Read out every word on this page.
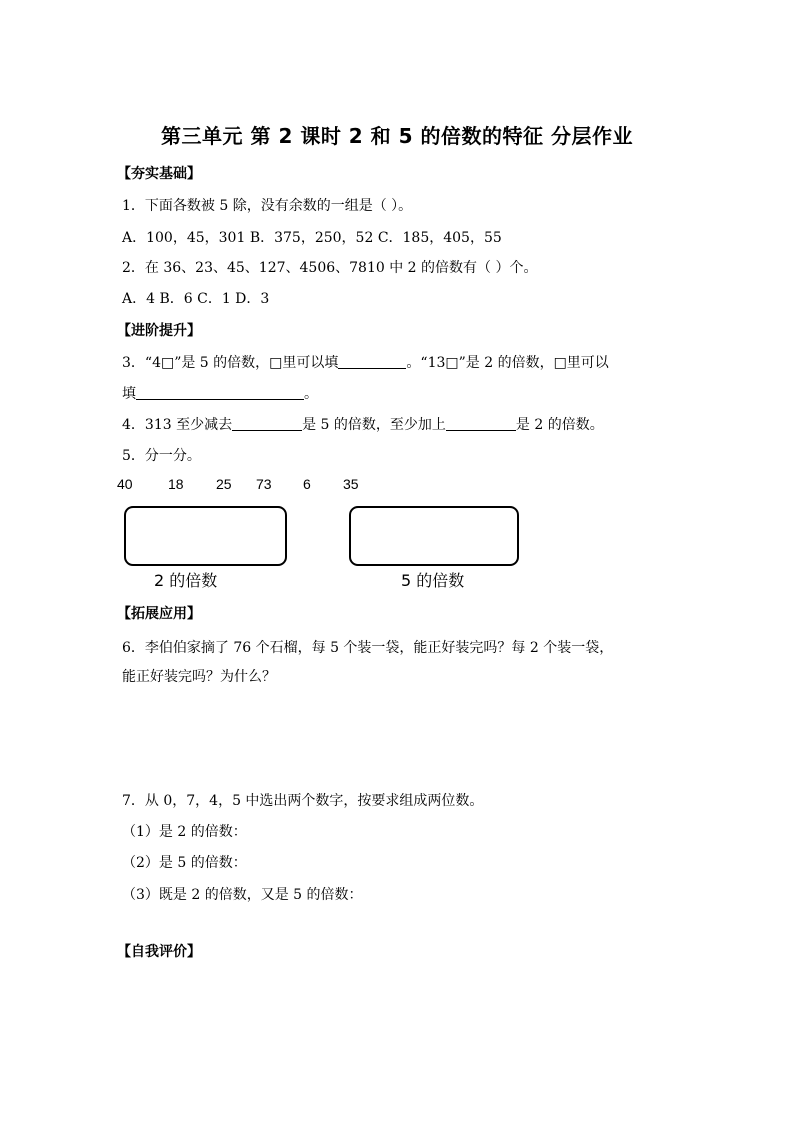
第三单元 第 2 课时 2 和 5 的倍数的特征 分层作业
【夯实基础】
1．下面各数被 5 除，没有余数的一组是（ ）。
A．100，45，301 B．375，250，52 C．185，405，55
2．在 36、23、45、127、4506、7810 中 2 的倍数有（ ）个。
A．4 B．6 C．1 D．3
【进阶提升】
3．“4□”是 5 的倍数，□里可以填	。“13□”是 2 的倍数，□里可以
填	。
4．313 至少减去	是 5 的倍数，至少加上	是 2 的倍数。
5．分一分。
40	18 25 73 6 35
2 的倍数	5 的倍数
【拓展应用】
6．李伯伯家摘了 76 个石榴，每 5 个装一袋，能正好装完吗？每 2 个装一袋，
能正好装完吗？为什么？
7．从 0，7，4，5 中选出两个数字，按要求组成两位数。
（1）是 2 的倍数：
（2）是 5 的倍数：
（3）既是 2 的倍数，又是 5 的倍数：
【自我评价】
